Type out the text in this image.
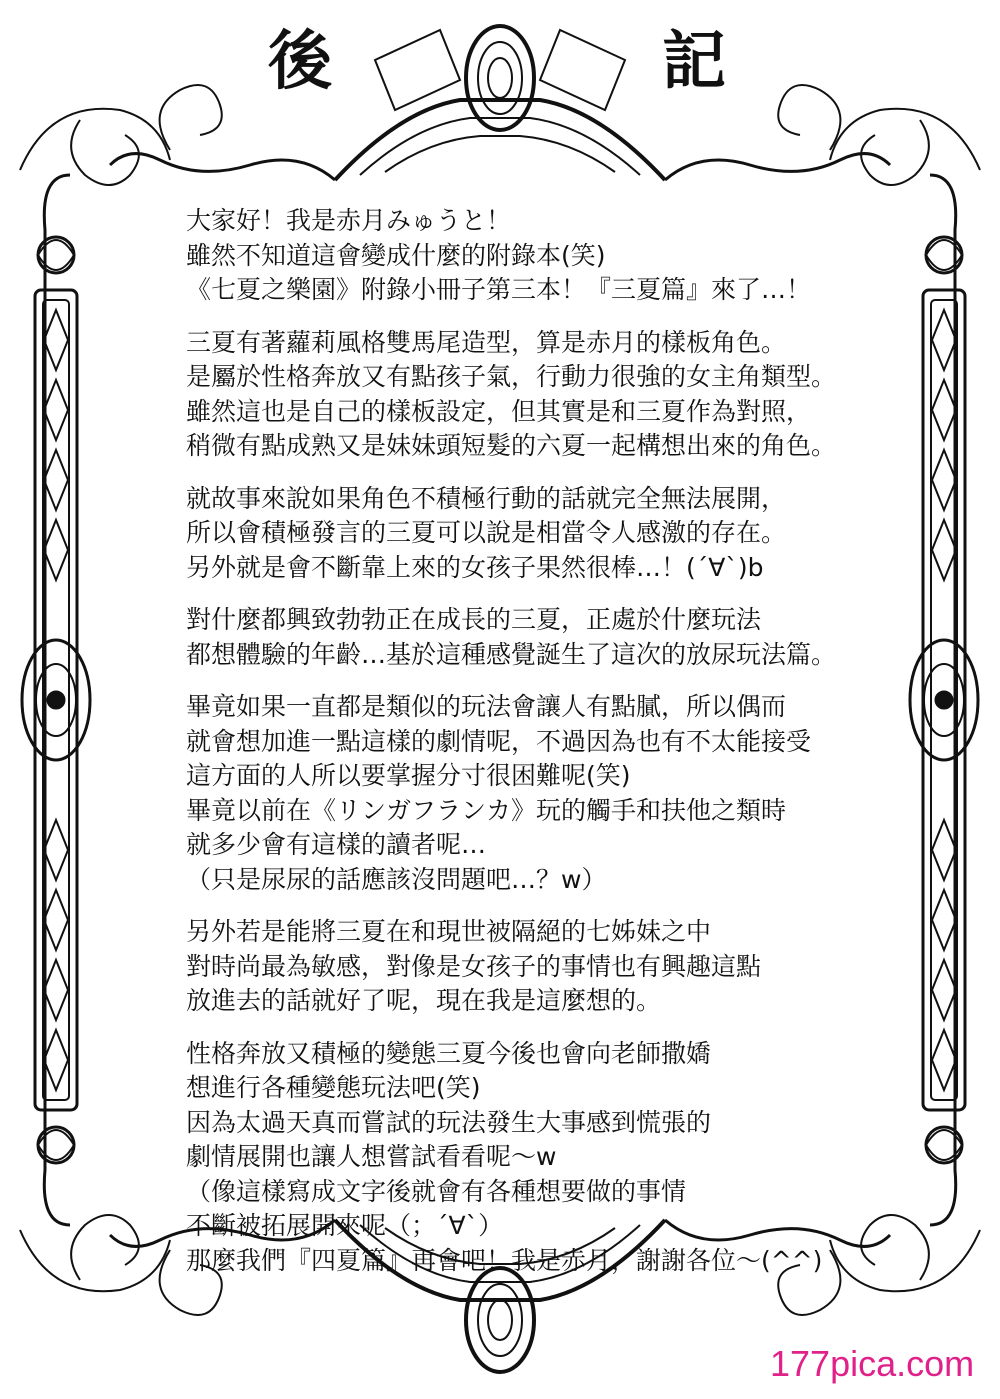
後	記
大家好！我是赤月みゅうと！
雖然不知道這會變成什麼的附錄本(笑)
《七夏之樂園》附錄小冊子第三本！『三夏篇』來了…！
三夏有著蘿莉風格雙馬尾造型，算是赤月的樣板角色。
是屬於性格奔放又有點孩子氣，行動力很強的女主角類型。
雖然這也是自己的樣板設定，但其實是和三夏作為對照，
稍微有點成熟又是妹妹頭短髮的六夏一起構想出來的角色。
就故事來說如果角色不積極行動的話就完全無法展開，
所以會積極發言的三夏可以說是相當令人感激的存在。
另外就是會不斷靠上來的女孩子果然很棒…！(´∀`)b
對什麼都興致勃勃正在成長的三夏，正處於什麼玩法
都想體驗的年齡…基於這種感覺誕生了這次的放尿玩法篇。
畢竟如果一直都是類似的玩法會讓人有點膩，所以偶而
就會想加進一點這樣的劇情呢，不過因為也有不太能接受
這方面的人所以要掌握分寸很困難呢(笑)
畢竟以前在《リンガフランカ》玩的觸手和扶他之類時
就多少會有這樣的讀者呢…
（只是尿尿的話應該沒問題吧…？w）
另外若是能將三夏在和現世被隔絕的七姊妹之中
對時尚最為敏感，對像是女孩子的事情也有興趣這點
放進去的話就好了呢，現在我是這麼想的。
性格奔放又積極的變態三夏今後也會向老師撒嬌
想進行各種變態玩法吧(笑)
因為太過天真而嘗試的玩法發生大事感到慌張的
劇情展開也讓人想嘗試看看呢～w
（像這樣寫成文字後就會有各種想要做的事情
不斷被拓展開來呢（；´∀`）
那麼我們『四夏篇』再會吧！我是赤月，謝謝各位～(^^)
177pica.com
